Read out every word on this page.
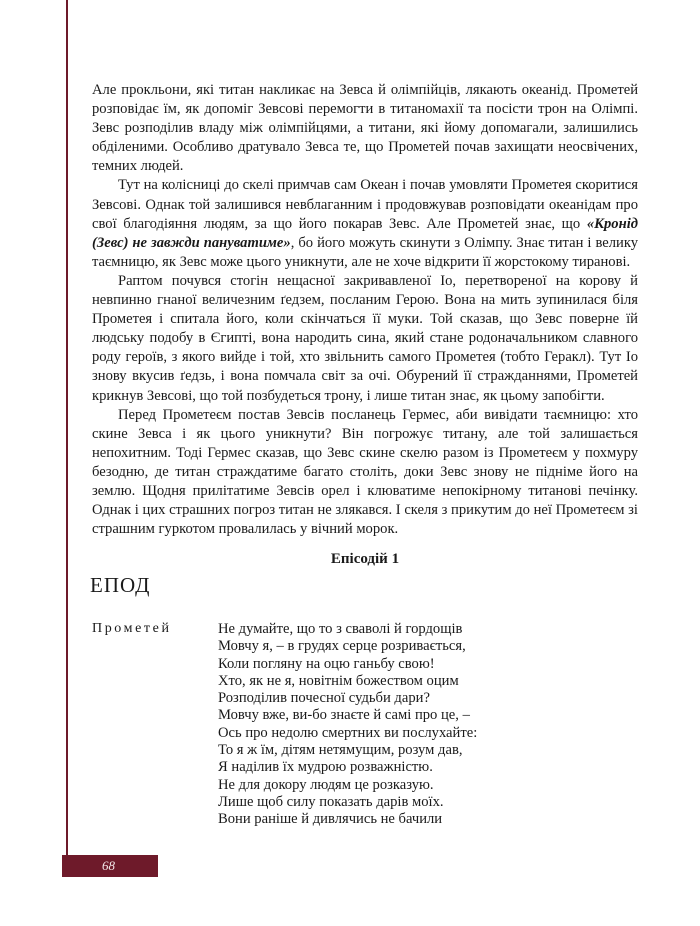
Але прокльони, які титан накликає на Зевса й олімпійців, лякають океанід. Прометей розповідає їм, як допоміг Зевсові перемогти в титаномахії та посісти трон на Олімпі. Зевс розподілив владу між олімпійцями, а титани, які йому допомагали, залишились обділеними. Особливо дратувало Зевса те, що Прометей почав захищати неосвічених, темних людей.

Тут на колісниці до скелі примчав сам Океан і почав умовляти Прометея скоритися Зевсові. Однак той залишився невблаганним і продовжував розповідати океанідам про свої благодіяння людям, за що його покарав Зевс. Але Прометей знає, що «Кронід (Зевс) не завжди пануватиме», бо його можуть скинути з Олімпу. Знає титан і велику таємницю, як Зевс може цього уникнути, але не хоче відкрити її жорстокому тиранові.

Раптом почувся стогін нещасної закривавленої Іо, перетвореної на корову й невпинно гнаної величезним ґедзем, посланим Герою. Вона на мить зупинилася біля Прометея і спитала його, коли скінчаться її муки. Той сказав, що Зевс поверне їй людську подобу в Єгипті, вона народить сина, який стане родоначальником славного роду героїв, з якого вийде і той, хто звільнить самого Прометея (тобто Геракл). Тут Іо знову вкусив ґедзь, і вона помчала світ за очі. Обурений її стражданнями, Прометей крикнув Зевсові, що той позбудеться трону, і лише титан знає, як цьому запобігти.

Перед Прометеєм постав Зевсів посланець Гермес, аби вивідати таємницю: хто скине Зевса і як цього уникнути? Він погрожує титану, але той залишається непохитним. Тоді Гермес сказав, що Зевс скине скелю разом із Прометеєм у похмуру безодню, де титан страждатиме багато століть, доки Зевс знову не підніме його на землю. Щодня прилітатиме Зевсів орел і клюватиме непокірному титанові печінку. Однак і цих страшних погроз титан не злякався. І скеля з прикутим до неї Прометеєм зі страшним гуркотом провалилась у вічний морок.

Епісодій 1
ЕПОД
Прометей	Не думайте, що то з сваволі й гордощів
Мовчу я, – в грудях серце розривається,
Коли погляну на оцю ганьбу свою!
Хто, як не я, новітнім божеством оцим
Розподілив почесної судьби дари?
Мовчу вже, ви-бо знаєте й самі про це, –
Ось про недолю смертних ви послухайте:
То я ж їм, дітям нетямущим, розум дав,
Я наділив їх мудрою розважністю.
Не для докору людям це розказую.
Лише щоб силу показать дарів моїх.
Вони раніше й дивлячись не бачили
68
